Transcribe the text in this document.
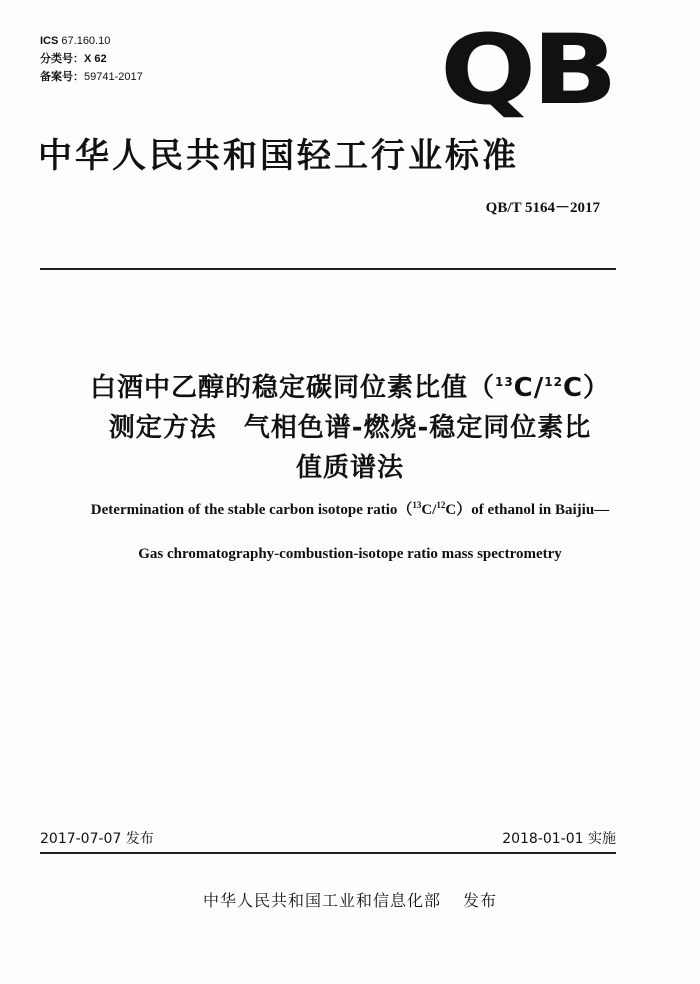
ICS 67.160.10
分类号：X 62
备案号：59741-2017	QB
中华人民共和国轻工行业标准
QB/T 5164－2017
白酒中乙醇的稳定碳同位素比值（$^{13}$C/$^{12}$C）
测定方法　气相色谱-燃烧-稳定同位素比
值质谱法
Determination of the stable carbon isotope ratio（$^{13}$C/$^{12}$C）of ethanol in Baijiu—
Gas chromatography-combustion-isotope ratio mass spectrometry
2017-07-07 发布	2018-01-01 实施
中华人民共和国工业和信息化部 发布
